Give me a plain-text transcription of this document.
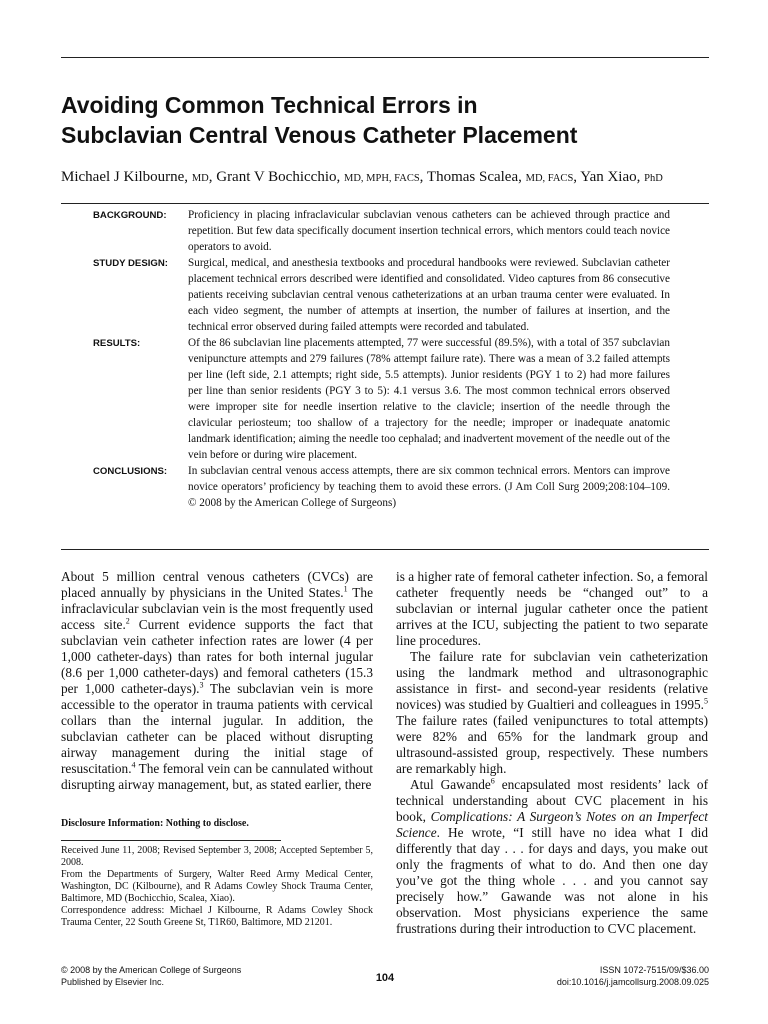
Avoiding Common Technical Errors in
Subclavian Central Venous Catheter Placement
Michael J Kilbourne, MD, Grant V Bochicchio, MD, MPH, FACS, Thomas Scalea, MD, FACS, Yan Xiao, PhD
BACKGROUND:	Proficiency in placing infraclavicular subclavian venous catheters can be achieved through practice and repetition. But few data specifically document insertion technical errors, which mentors could teach novice operators to avoid.
STUDY DESIGN:	Surgical, medical, and anesthesia textbooks and procedural handbooks were reviewed. Subclavian catheter placement technical errors described were identified and consolidated. Video captures from 86 consecutive patients receiving subclavian central venous catheterizations at an urban trauma center were evaluated. In each video segment, the number of attempts at insertion, the number of failures at insertion, and the technical error observed during failed attempts were recorded and tabulated.
RESULTS:	Of the 86 subclavian line placements attempted, 77 were successful (89.5%), with a total of 357 subclavian venipuncture attempts and 279 failures (78% attempt failure rate). There was a mean of 3.2 failed attempts per line (left side, 2.1 attempts; right side, 5.5 attempts). Junior residents (PGY 1 to 2) had more failures per line than senior residents (PGY 3 to 5): 4.1 versus 3.6. The most common technical errors observed were improper site for needle insertion relative to the clavicle; insertion of the needle through the clavicular periosteum; too shallow of a trajectory for the needle; improper or inadequate anatomic landmark identification; aiming the needle too cephalad; and inadvertent movement of the needle out of the vein before or during wire placement.
CONCLUSIONS:	In subclavian central venous access attempts, there are six common technical errors. Mentors can improve novice operators’ proficiency by teaching them to avoid these errors. (J Am Coll Surg 2009;208:104–109. © 2008 by the American College of Surgeons)

About 5 million central venous catheters (CVCs) are placed annually by physicians in the United States.$^1$ The infraclavicular subclavian vein is the most frequently used access site.$^2$ Current evidence supports the fact that subclavian vein catheter infection rates are lower (4 per 1,000 catheter-days) than rates for both internal jugular (8.6 per 1,000 catheter-days) and femoral catheters (15.3 per 1,000 catheter-days).$^3$ The subclavian vein is more accessible to the operator in trauma patients with cervical collars than the internal jugular. In addition, the subclavian catheter can be placed without disrupting airway management during the initial stage of resuscitation.$^4$ The femoral vein can be cannulated without disrupting airway management, but, as stated earlier, there

Disclosure Information: Nothing to disclose.

Received June 11, 2008; Revised September 3, 2008; Accepted September 5, 2008.

From the Departments of Surgery, Walter Reed Army Medical Center, Washington, DC (Kilbourne), and R Adams Cowley Shock Trauma Center, Baltimore, MD (Bochicchio, Scalea, Xiao).

Correspondence address: Michael J Kilbourne, R Adams Cowley Shock Trauma Center, 22 South Greene St, T1R60, Baltimore, MD 21201.

is a higher rate of femoral catheter infection. So, a femoral catheter frequently needs be “changed out” to a subclavian or internal jugular catheter once the patient arrives at the ICU, subjecting the patient to two separate line procedures.

The failure rate for subclavian vein catheterization using the landmark method and ultrasonographic assistance in first- and second-year residents (relative novices) was studied by Gualtieri and colleagues in 1995.$^5$ The failure rates (failed venipunctures to total attempts) were 82% and 65% for the landmark group and ultrasound-assisted group, respectively. These numbers are remarkably high.

Atul Gawande$^6$ encapsulated most residents’ lack of technical understanding about CVC placement in his book, Complications: A Surgeon’s Notes on an Imperfect Science. He wrote, “I still have no idea what I did differently that day . . . for days and days, you make out only the fragments of what to do. And then one day you’ve got the thing whole . . . and you cannot say precisely how.” Gawande was not alone in his observation. Most physicians experience the same frustrations during their introduction to CVC placement.

© 2008 by the American College of Surgeons
Published by Elsevier Inc.	104
ISSN 1072-7515/09/$36.00
doi:10.1016/j.jamcollsurg.2008.09.025
